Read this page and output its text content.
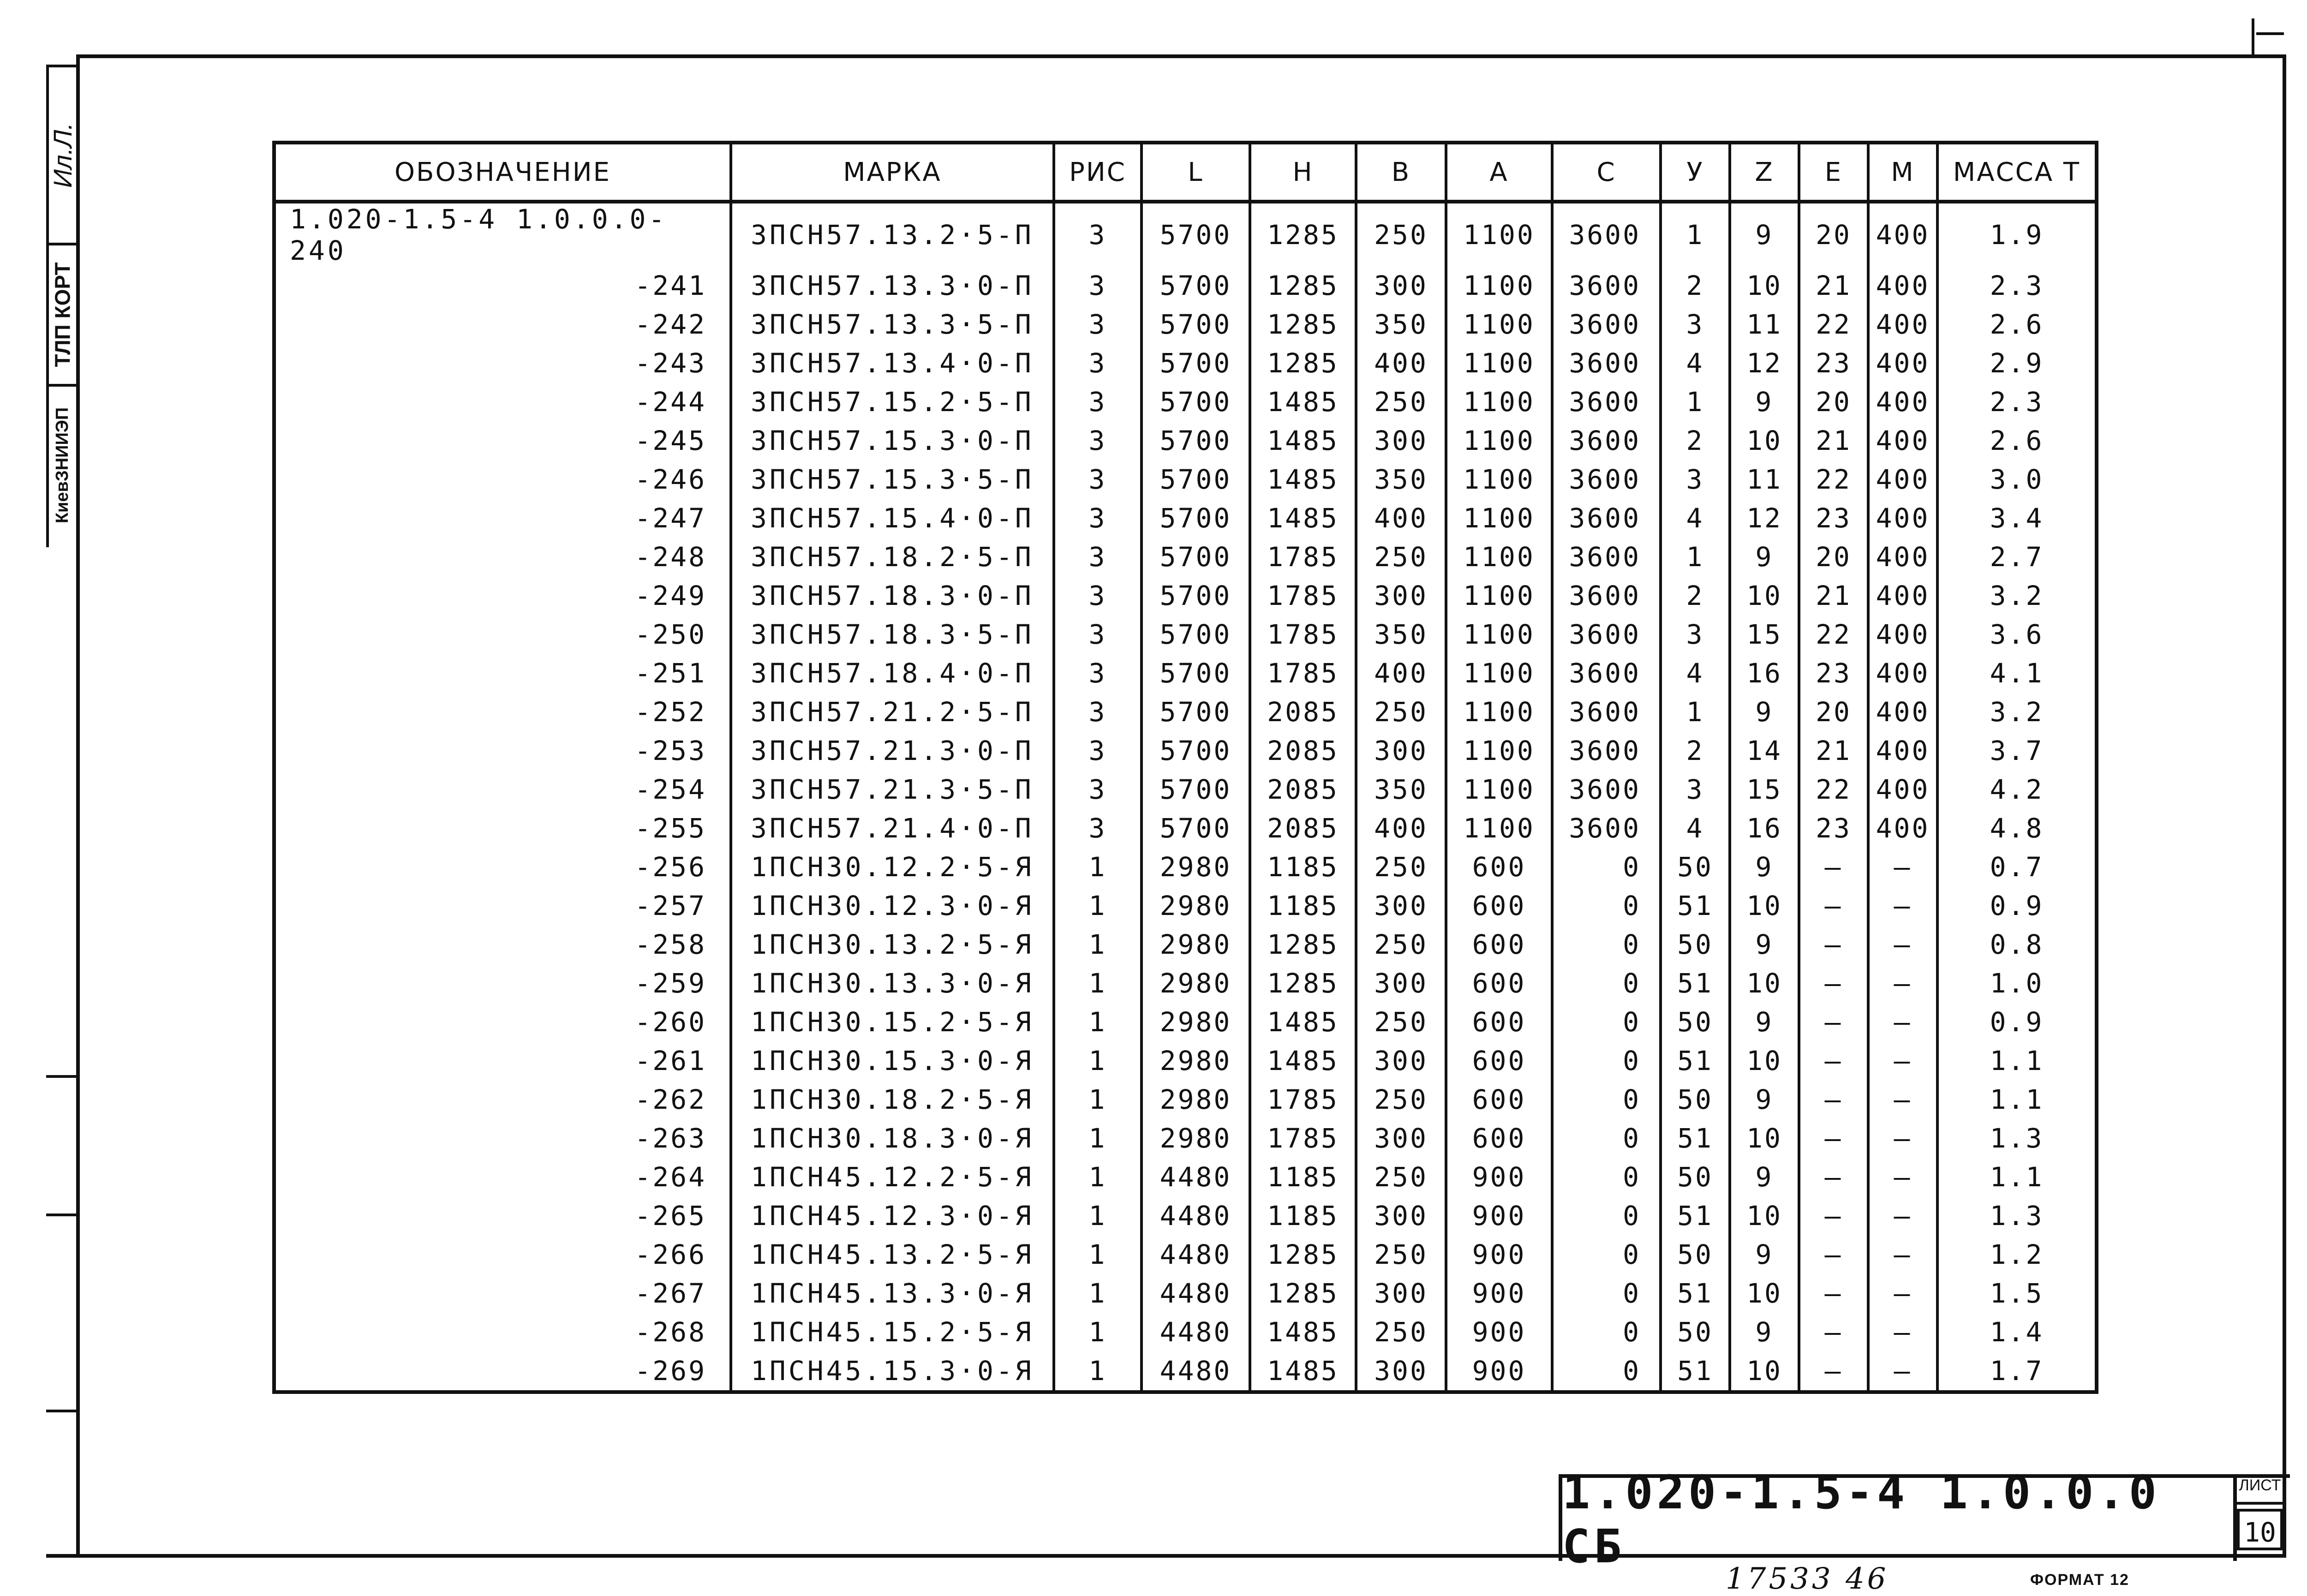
Ил.Л.
ТЛП КОРТ
КиевЗНИИЭП
ОБОЗНАЧЕНИЕ	МАРКА	РИС	L	H	B	A	C	У	Z	E	M	МАССА Т
1.020-1.5-4 1.0.0.0-240	3ПСН57.13.2·5-П	3	5700	1285	250	1100	3600	1	9	20	400	1.9
-241	3ПСН57.13.3·0-П	3	5700	1285	300	1100	3600	2	10	21	400	2.3
-242	3ПСН57.13.3·5-П	3	5700	1285	350	1100	3600	3	11	22	400	2.6
-243	3ПСН57.13.4·0-П	3	5700	1285	400	1100	3600	4	12	23	400	2.9
-244	3ПСН57.15.2·5-П	3	5700	1485	250	1100	3600	1	9	20	400	2.3
-245	3ПСН57.15.3·0-П	3	5700	1485	300	1100	3600	2	10	21	400	2.6
-246	3ПСН57.15.3·5-П	3	5700	1485	350	1100	3600	3	11	22	400	3.0
-247	3ПСН57.15.4·0-П	3	5700	1485	400	1100	3600	4	12	23	400	3.4
-248	3ПСН57.18.2·5-П	3	5700	1785	250	1100	3600	1	9	20	400	2.7
-249	3ПСН57.18.3·0-П	3	5700	1785	300	1100	3600	2	10	21	400	3.2
-250	3ПСН57.18.3·5-П	3	5700	1785	350	1100	3600	3	15	22	400	3.6
-251	3ПСН57.18.4·0-П	3	5700	1785	400	1100	3600	4	16	23	400	4.1
-252	3ПСН57.21.2·5-П	3	5700	2085	250	1100	3600	1	9	20	400	3.2
-253	3ПСН57.21.3·0-П	3	5700	2085	300	1100	3600	2	14	21	400	3.7
-254	3ПСН57.21.3·5-П	3	5700	2085	350	1100	3600	3	15	22	400	4.2
-255	3ПСН57.21.4·0-П	3	5700	2085	400	1100	3600	4	16	23	400	4.8
-256	1ПСН30.12.2·5-Я	1	2980	1185	250	600	0	50	9	–	–	0.7
-257	1ПСН30.12.3·0-Я	1	2980	1185	300	600	0	51	10	–	–	0.9
-258	1ПСН30.13.2·5-Я	1	2980	1285	250	600	0	50	9	–	–	0.8
-259	1ПСН30.13.3·0-Я	1	2980	1285	300	600	0	51	10	–	–	1.0
-260	1ПСН30.15.2·5-Я	1	2980	1485	250	600	0	50	9	–	–	0.9
-261	1ПСН30.15.3·0-Я	1	2980	1485	300	600	0	51	10	–	–	1.1
-262	1ПСН30.18.2·5-Я	1	2980	1785	250	600	0	50	9	–	–	1.1
-263	1ПСН30.18.3·0-Я	1	2980	1785	300	600	0	51	10	–	–	1.3
-264	1ПСН45.12.2·5-Я	1	4480	1185	250	900	0	50	9	–	–	1.1
-265	1ПСН45.12.3·0-Я	1	4480	1185	300	900	0	51	10	–	–	1.3
-266	1ПСН45.13.2·5-Я	1	4480	1285	250	900	0	50	9	–	–	1.2
-267	1ПСН45.13.3·0-Я	1	4480	1285	300	900	0	51	10	–	–	1.5
-268	1ПСН45.15.2·5-Я	1	4480	1485	250	900	0	50	9	–	–	1.4
-269	1ПСН45.15.3·0-Я	1	4480	1485	300	900	0	51	10	–	–	1.7
1.020-1.5-4 1.0.0.0 СБ
ЛИСТ
10
17533 46	ФОРМАТ 12
